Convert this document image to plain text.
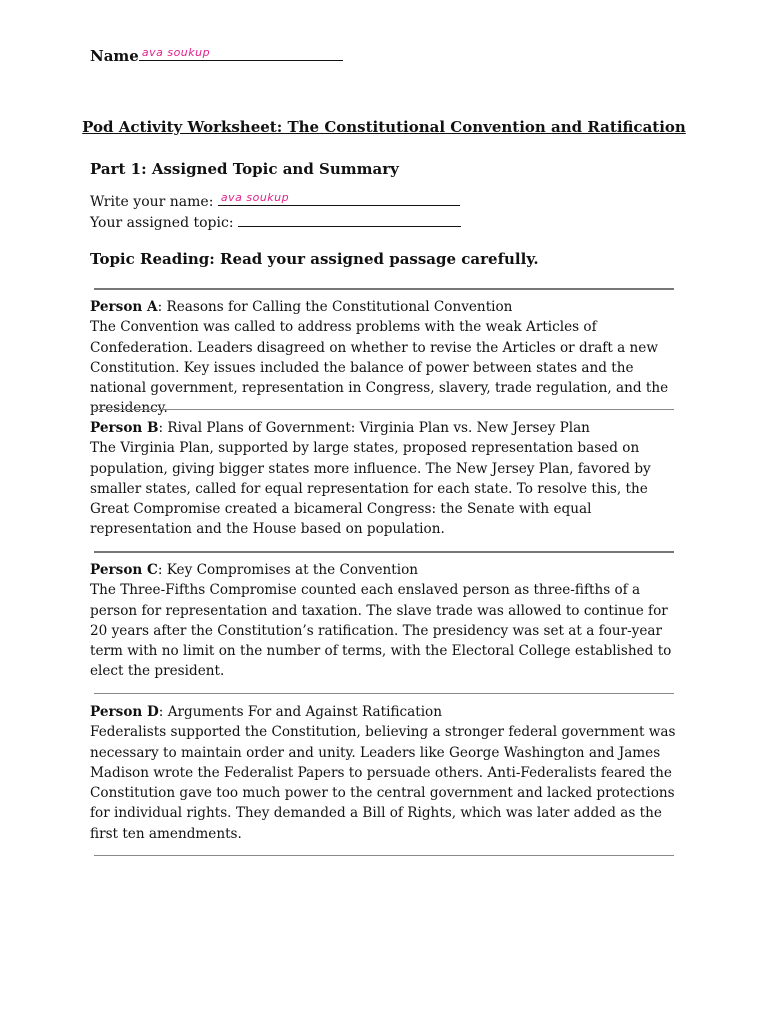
Name ava soukup
Pod Activity Worksheet: The Constitutional Convention and Ratification
Part 1: Assigned Topic and Summary
Write your name: ava soukup
Your assigned topic:
Topic Reading: Read your assigned passage carefully.

Person A: Reasons for Calling the Constitutional Convention

The Convention was called to address problems with the weak Articles of Confederation. Leaders disagreed on whether to revise the Articles or draft a new Constitution. Key issues included the balance of power between states and the national government, representation in Congress, slavery, trade regulation, and the presidency.

Person B: Rival Plans of Government: Virginia Plan vs. New Jersey Plan

The Virginia Plan, supported by large states, proposed representation based on population, giving bigger states more influence. The New Jersey Plan, favored by smaller states, called for equal representation for each state. To resolve this, the Great Compromise created a bicameral Congress: the Senate with equal representation and the House based on population.

Person C: Key Compromises at the Convention

The Three-Fifths Compromise counted each enslaved person as three-fifths of a person for representation and taxation. The slave trade was allowed to continue for 20 years after the Constitution’s ratification. The presidency was set at a four-year term with no limit on the number of terms, with the Electoral College established to elect the president.

Person D: Arguments For and Against Ratification

Federalists supported the Constitution, believing a stronger federal government was necessary to maintain order and unity. Leaders like George Washington and James Madison wrote the Federalist Papers to persuade others. Anti-Federalists feared the Constitution gave too much power to the central government and lacked protections for individual rights. They demanded a Bill of Rights, which was later added as the first ten amendments.
